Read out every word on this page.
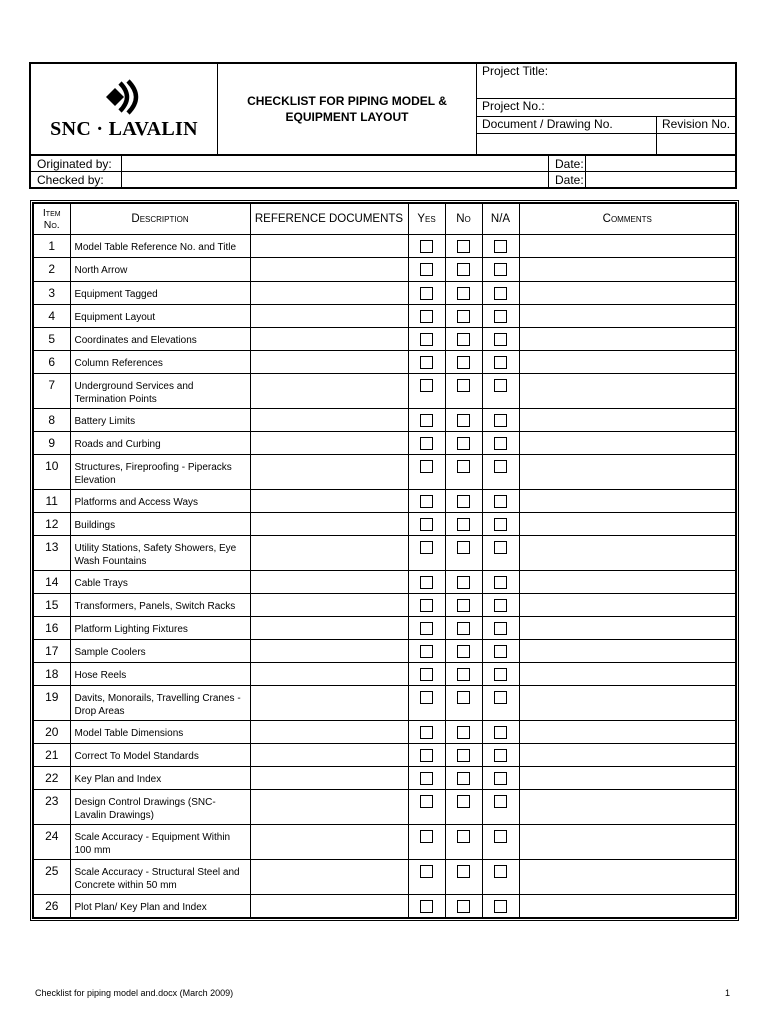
SNC · LAVALIN	CHECKLIST FOR PIPING MODEL & EQUIPMENT LAYOUT	Project Title:	
		Project No.:	
		Document / Drawing No.	Revision No.

Originated by:		Date:	
Checked by:		Date:	
Item No.	Description	REFERENCE DOCUMENTS	Yes	No	N/A	Comments
1	Model Table Reference No. and Title					
2	North Arrow					
3	Equipment Tagged					
4	Equipment Layout					
5	Coordinates and Elevations					
6	Column References					
7	Underground Services and Termination Points					
8	Battery Limits					
9	Roads and Curbing					
10	Structures, Fireproofing - Piperacks Elevation					
11	Platforms and Access Ways					
12	Buildings					
13	Utility Stations, Safety Showers, Eye Wash Fountains					
14	Cable Trays					
15	Transformers, Panels, Switch Racks					
16	Platform Lighting Fixtures					
17	Sample Coolers					
18	Hose Reels					
19	Davits, Monorails, Travelling Cranes - Drop Areas					
20	Model Table Dimensions					
21	Correct To Model Standards					
22	Key Plan and Index					
23	Design Control Drawings (SNC-Lavalin Drawings)					
24	Scale Accuracy - Equipment Within 100 mm					
25	Scale Accuracy - Structural Steel and Concrete within 50 mm					
26	Plot Plan/ Key Plan and Index					
Checklist for piping model and.docx (March 2009)	1
